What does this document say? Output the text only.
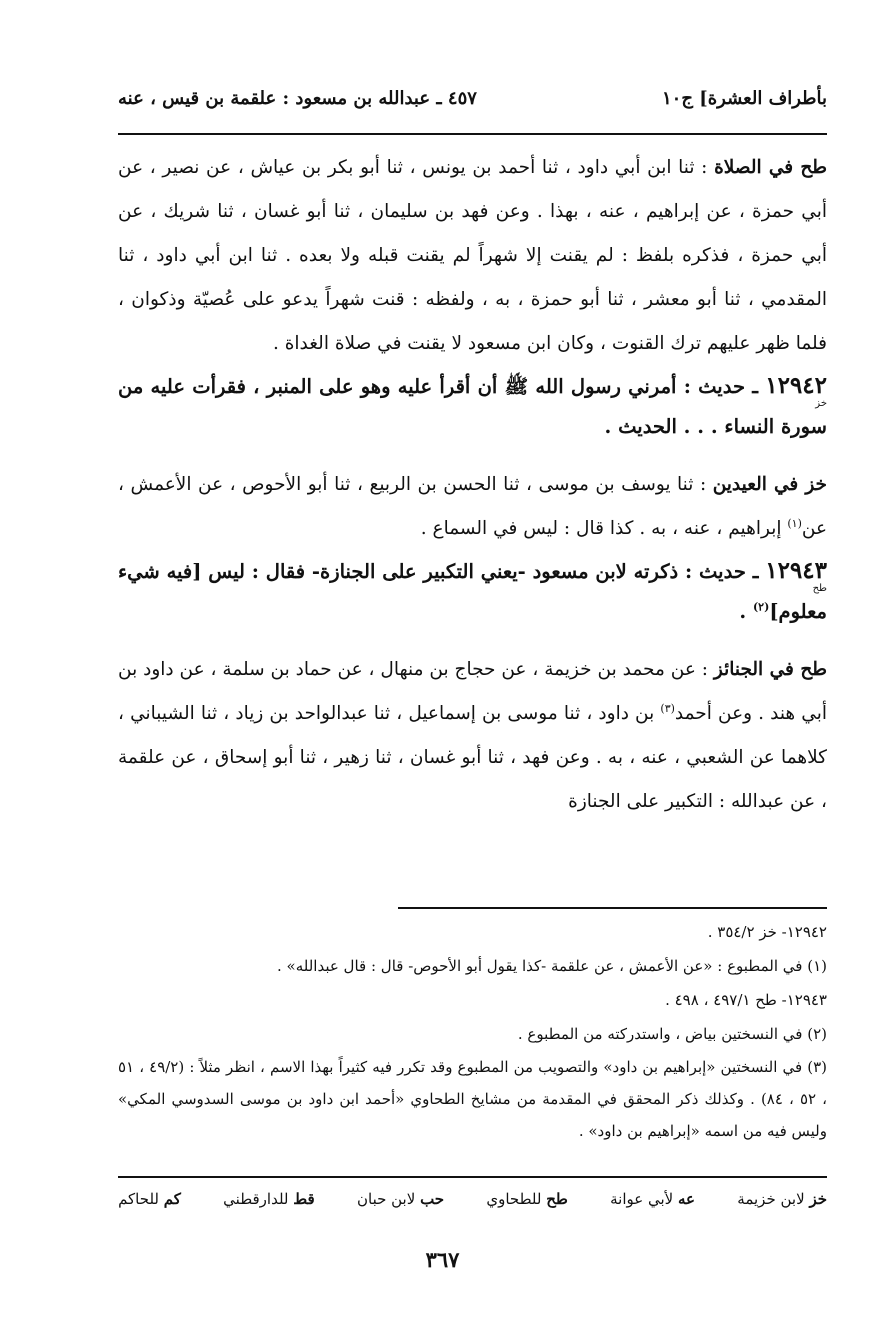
بأطراف العشرة] ج١٠
٤٥٧ ـ عبدالله بن مسعود : علقمة بن قيس ، عنه

طح في الصلاة : ثنا ابن أبي داود ، ثنا أحمد بن يونس ، ثنا أبو بكر بن عياش ، عن نصير ، عن أبي حمزة ، عن إبراهيم ، عنه ، بهذا . وعن فهد بن سليمان ، ثنا أبو غسان ، ثنا شريك ، عن أبي حمزة ، فذكره بلفظ : لم يقنت إلا شهراً لم يقنت قبله ولا بعده . ثنا ابن أبي داود ، ثنا المقدمي ، ثنا أبو معشر ، ثنا أبو حمزة ، به ، ولفظه : قنت شهراً يدعو على عُصيّة وذكوان ، فلما ظهر عليهم ترك القنوت ، وكان ابن مسعود لا يقنت في صلاة الغداة .

١٢٩٤٢
خز
ـ حديث : أمرني رسول الله ﷺ أن أقرأ عليه وهو على المنبر ، فقرأت عليه من سورة النساء . . . الحديث .

خز في العيدين : ثنا يوسف بن موسى ، ثنا الحسن بن الربيع ، ثنا أبو الأحوص ، عن الأعمش ، عن$^{(١)}$ إبراهيم ، عنه ، به . كذا قال : ليس في السماع .

١٢٩٤٣
طح
ـ حديث : ذكرته لابن مسعود -يعني التكبير على الجنازة- فقال : ليس [فيه شيء معلوم]$^{(٢)}$ .

طح في الجنائز : عن محمد بن خزيمة ، عن حجاج بن منهال ، عن حماد بن سلمة ، عن داود بن أبي هند . وعن أحمد$^{(٣)}$ بن داود ، ثنا موسى بن إسماعيل ، ثنا عبدالواحد بن زياد ، ثنا الشيباني ، كلاهما عن الشعبي ، عنه ، به . وعن فهد ، ثنا أبو غسان ، ثنا زهير ، ثنا أبو إسحاق ، عن علقمة ، عن عبدالله : التكبير على الجنازة

١٢٩٤٢- خز ٣٥٤/٢ .

(١) في المطبوع : «عن الأعمش ، عن علقمة -كذا يقول أبو الأحوص- قال : قال عبدالله» .

١٢٩٤٣- طح ٤٩٧/١ ، ٤٩٨ .

(٢) في النسختين بياض ، واستدركته من المطبوع .

(٣) في النسختين «إبراهيم بن داود» والتصويب من المطبوع وقد تكرر فيه كثيراً بهذا الاسم ، انظر مثلاً : (٤٩/٢ ، ٥١ ، ٥٢ ، ٨٤) . وكذلك ذكر المحقق في المقدمة من مشايخ الطحاوي «أحمد ابن داود بن موسى السدوسي المكي» وليس فيه من اسمه «إبراهيم بن داود» .

خز لابن خزيمة
عه لأبي عوانة
طح للطحاوي
حب لابن حبان
قط للدارقطني
كم للحاكم
٣٦٧
